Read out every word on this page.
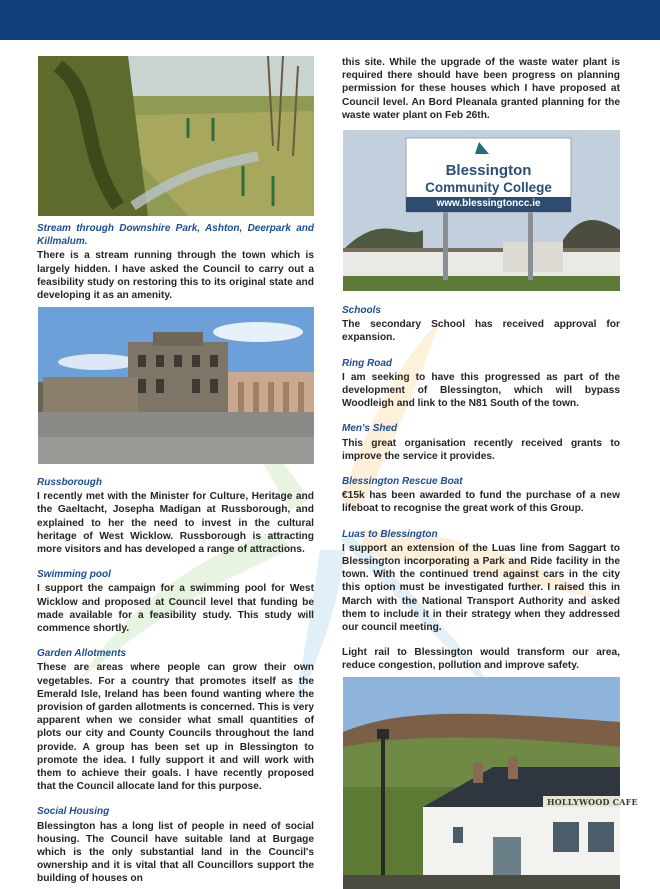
Stream through Downshire Park, Ashton, Deerpark and Killmalum.

There is a stream running through the town which is largely hidden. I have asked the Council to carry out a feasibility study on restoring this to its original state and developing it as an amenity.

Russborough

I recently met with the Minister for Culture, Heritage and the Gaeltacht, Josepha Madigan at Russborough, and explained to her the need to invest in the cultural heritage of West Wicklow. Russborough is attracting more visitors and has developed a range of attractions.

Swimming pool

I support the campaign for a swimming pool for West Wicklow and proposed at Council level that funding be made available for a feasibility study. This study will commence shortly.

Garden Allotments

These are areas where people can grow their own vegetables. For a country that promotes itself as the Emerald Isle, Ireland has been found wanting where the provision of garden allotments is concerned. This is very apparent when we consider what small quantities of plots our city and County Councils throughout the land provide. A group has been set up in Blessington to promote the idea. I fully support it and will work with them to achieve their goals. I have recently proposed that the Council allocate land for this purpose.

Social Housing

Blessington has a long list of people in need of social housing. The Council have suitable land at Burgage which is the only substantial land in the Council's ownership and it is vital that all Councillors support the building of houses on

this site. While the upgrade of the waste water plant is required there should have been progress on planning permission for these houses which I have proposed at Council level. An Bord Pleanala granted planning for the waste water plant on Feb 26th.

Blessington
Community College
www.blessingtoncc.ie
Schools

The secondary School has received approval for expansion.

Ring Road

I am seeking to have this progressed as part of the development of Blessington, which will bypass Woodleigh and link to the N81 South of the town.

Men's Shed

This great organisation recently received grants to improve the service it provides.

Blessington Rescue Boat

€15k has been awarded to fund the purchase of a new lifeboat to recognise the great work of this Group.

Luas to Blessington

I support an extension of the Luas line from Saggart to Blessington incorporating a Park and Ride facility in the town. With the continued trend against cars in the city this option must be investigated further. I raised this in March with the National Transport Authority and asked them to include it in their strategy when they addressed our council meeting.

Light rail to Blessington would transform our area, reduce congestion, pollution and improve safety.

HOLLYWOOD CAFE
